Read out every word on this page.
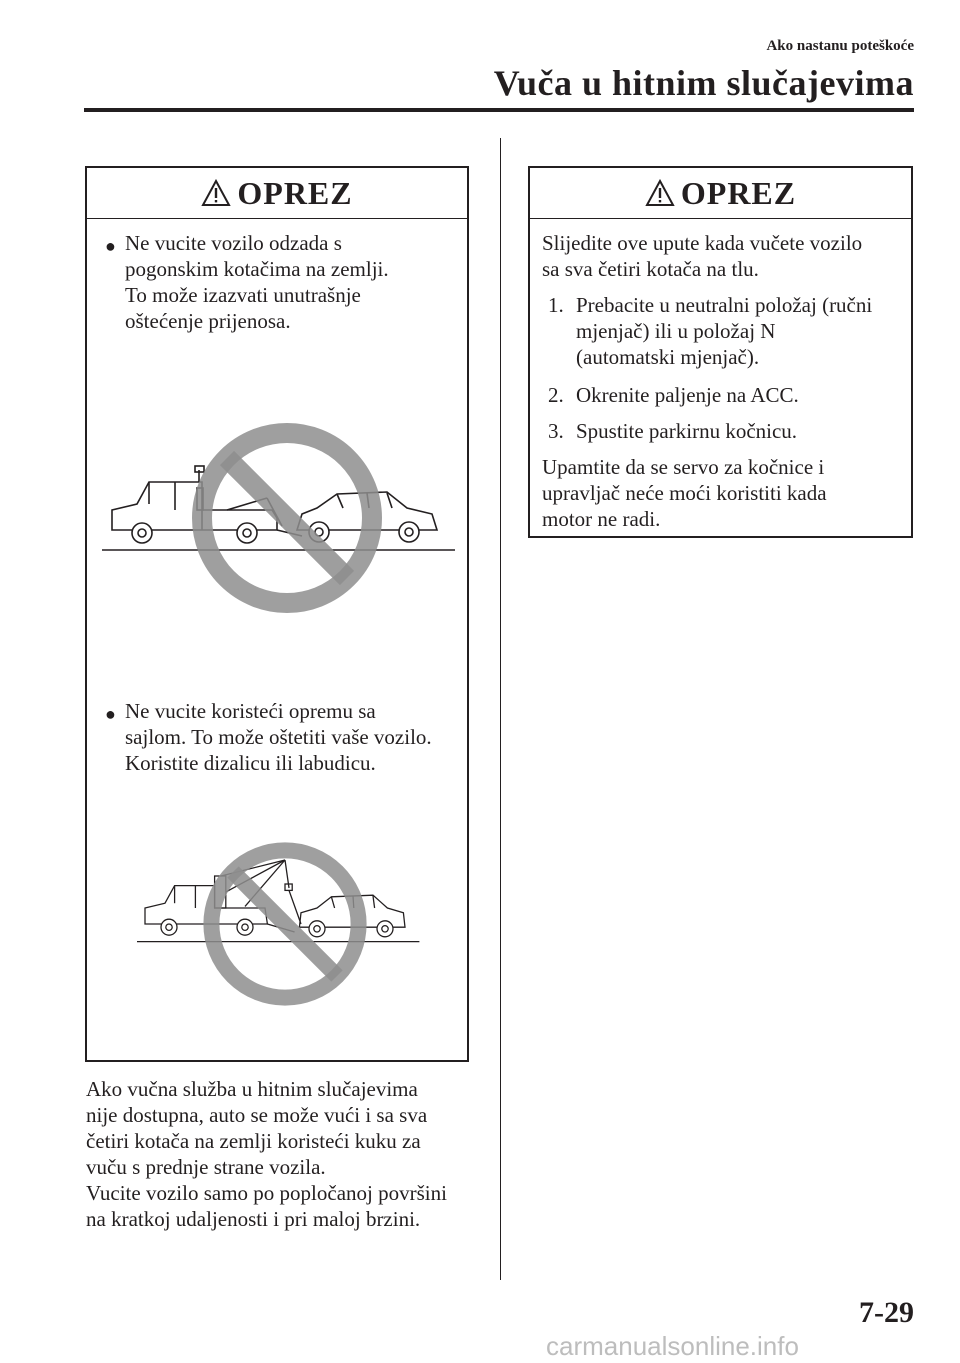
Ako nastanu poteškoće
Vuča u hitnim slučajevima
OPREZ
● Ne vucite vozilo odzada s
pogonskim kotačima na zemlji.
To može izazvati unutrašnje
oštećenje prijenosa.
● Ne vucite koristeći opremu sa
sajlom. To može oštetiti vaše vozilo.
Koristite dizalicu ili labudicu.
Ako vučna služba u hitnim slučajevima
nije dostupna, auto se može vući i sa sva
četiri kotača na zemlji koristeći kuku za
vuču s prednje strane vozila.
Vucite vozilo samo po popločanoj površini
na kratkoj udaljenosti i pri maloj brzini.
OPREZ
Slijedite ove upute kada vučete vozilo
sa sva četiri kotača na tlu.
1. Prebacite u neutralni položaj (ručni
mjenjač) ili u položaj N
(automatski mjenjač).
2. Okrenite paljenje na ACC.
3. Spustite parkirnu kočnicu.
Upamtite da se servo za kočnice i
upravljač neće moći koristiti kada
motor ne radi.
7-29
carmanualsonline.info
